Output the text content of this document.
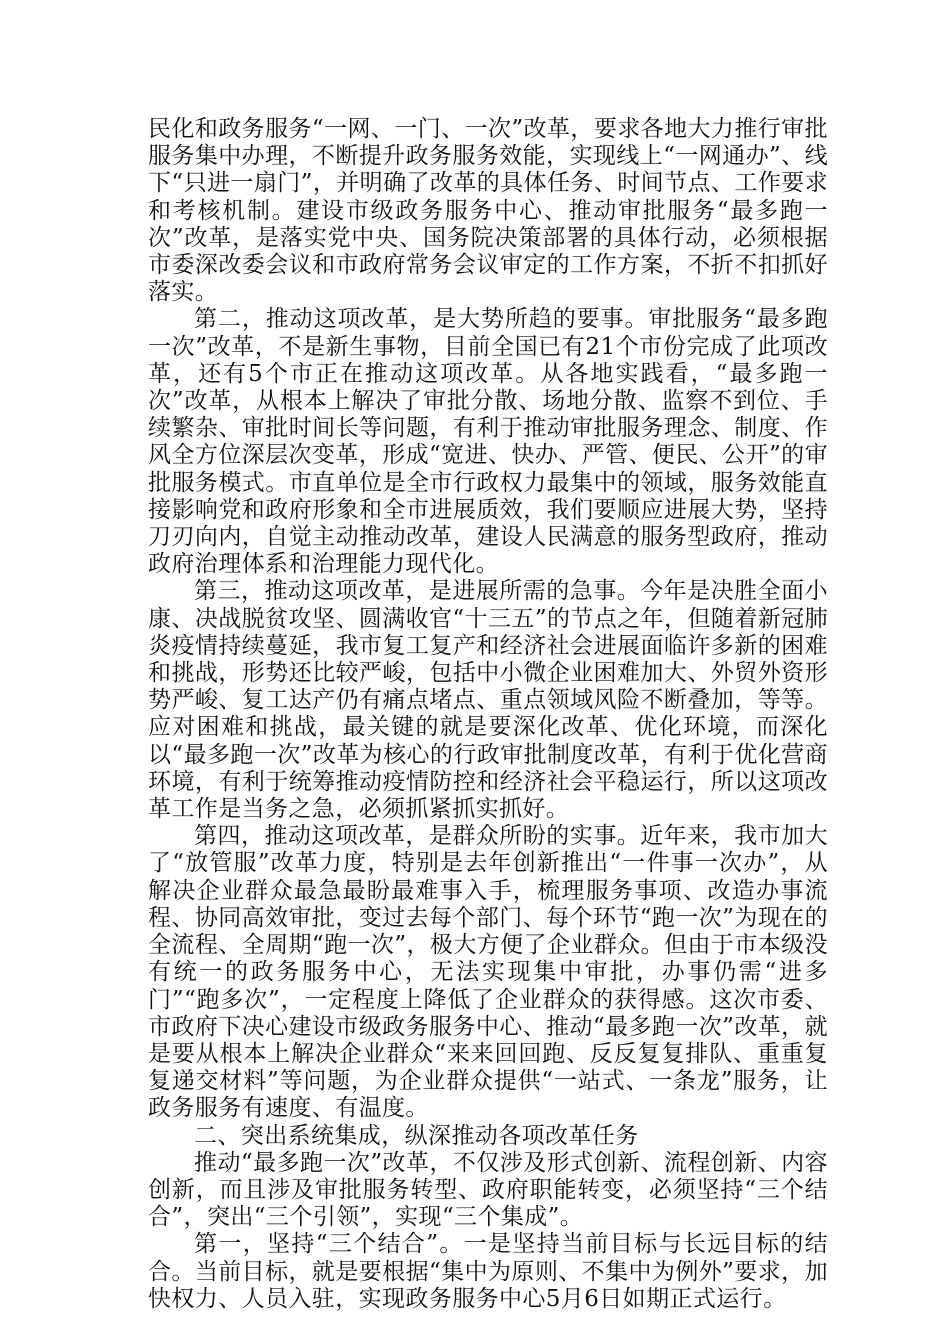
民化和政务服务“一网、一门、一次”改革，要求各地大力推行审批服务集中办理，不断提升政务服务效能，实现线上“一网通办”、线下“只进一扇门”，并明确了改革的具体任务、时间节点、工作要求和考核机制。建设市级政务服务中心、推动审批服务“最多跑一次”改革，是落实党中央、国务院决策部署的具体行动，必须根据市委深改委会议和市政府常务会议审定的工作方案，不折不扣抓好落实。

第二，推动这项改革，是大势所趋的要事。审批服务“最多跑一次”改革，不是新生事物，目前全国已有21个市份完成了此项改革，还有5个市正在推动这项改革。从各地实践看，“最多跑一次”改革，从根本上解决了审批分散、场地分散、监察不到位、手续繁杂、审批时间长等问题，有利于推动审批服务理念、制度、作风全方位深层次变革，形成“宽进、快办、严管、便民、公开”的审批服务模式。市直单位是全市行政权力最集中的领域，服务效能直接影响党和政府形象和全市进展质效，我们要顺应进展大势，坚持刀刃向内，自觉主动推动改革，建设人民满意的服务型政府，推动政府治理体系和治理能力现代化。

第三，推动这项改革，是进展所需的急事。今年是决胜全面小康、决战脱贫攻坚、圆满收官“十三五”的节点之年，但随着新冠肺炎疫情持续蔓延，我市复工复产和经济社会进展面临许多新的困难和挑战，形势还比较严峻，包括中小微企业困难加大、外贸外资形势严峻、复工达产仍有痛点堵点、重点领域风险不断叠加，等等。应对困难和挑战，最关键的就是要深化改革、优化环境，而深化以“最多跑一次”改革为核心的行政审批制度改革，有利于优化营商环境，有利于统筹推动疫情防控和经济社会平稳运行，所以这项改革工作是当务之急，必须抓紧抓实抓好。

第四，推动这项改革，是群众所盼的实事。近年来，我市加大了“放管服”改革力度，特别是去年创新推出“一件事一次办”，从解决企业群众最急最盼最难事入手，梳理服务事项、改造办事流程、协同高效审批，变过去每个部门、每个环节“跑一次”为现在的全流程、全周期“跑一次”，极大方便了企业群众。但由于市本级没有统一的政务服务中心，无法实现集中审批，办事仍需“进多门”“跑多次”，一定程度上降低了企业群众的获得感。这次市委、市政府下决心建设市级政务服务中心、推动“最多跑一次”改革，就是要从根本上解决企业群众“来来回回跑、反反复复排队、重重复复递交材料”等问题，为企业群众提供“一站式、一条龙”服务，让政务服务有速度、有温度。

二、突出系统集成，纵深推动各项改革任务

推动“最多跑一次”改革，不仅涉及形式创新、流程创新、内容创新，而且涉及审批服务转型、政府职能转变，必须坚持“三个结合”，突出“三个引领”，实现“三个集成”。

第一，坚持“三个结合”。一是坚持当前目标与长远目标的结合。当前目标，就是要根据“集中为原则、不集中为例外”要求，加快权力、人员入驻，实现政务服务中心5月6日如期正式运行。
